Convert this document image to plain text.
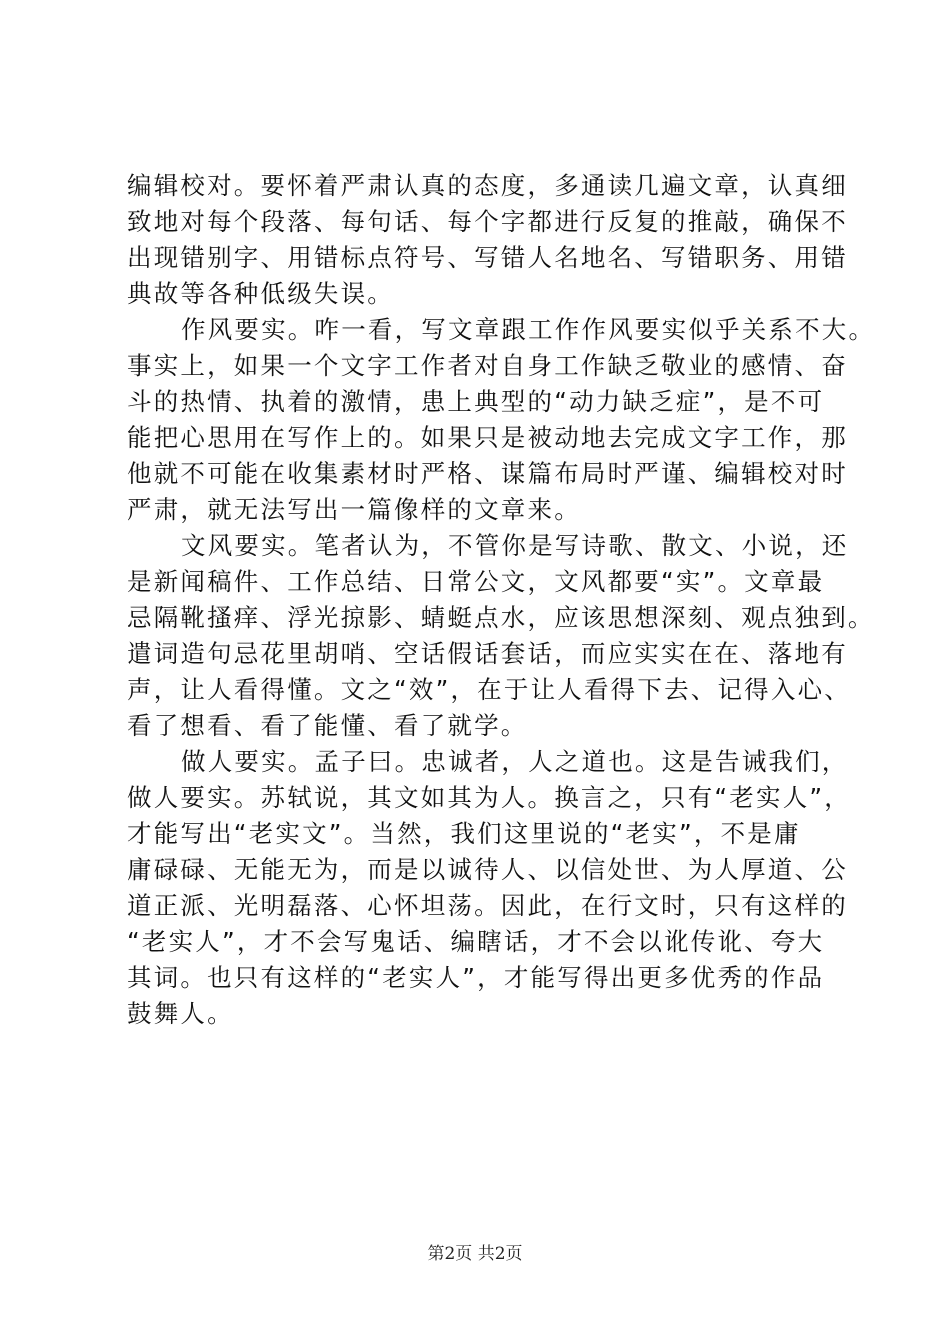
编辑校对。要怀着严肃认真的态度，多通读几遍文章，认真细
致地对每个段落、每句话、每个字都进行反复的推敲，确保不
出现错别字、用错标点符号、写错人名地名、写错职务、用错
典故等各种低级失误。
作风要实。咋一看，写文章跟工作作风要实似乎关系不大。
事实上，如果一个文字工作者对自身工作缺乏敬业的感情、奋
斗的热情、执着的激情，患上典型的“动力缺乏症”，是不可
能把心思用在写作上的。如果只是被动地去完成文字工作，那
他就不可能在收集素材时严格、谋篇布局时严谨、编辑校对时
严肃，就无法写出一篇像样的文章来。
文风要实。笔者认为，不管你是写诗歌、散文、小说，还
是新闻稿件、工作总结、日常公文，文风都要“实”。文章最
忌隔靴搔痒、浮光掠影、蜻蜓点水，应该思想深刻、观点独到。
遣词造句忌花里胡哨、空话假话套话，而应实实在在、落地有
声，让人看得懂。文之“效”，在于让人看得下去、记得入心、
看了想看、看了能懂、看了就学。
做人要实。孟子曰。忠诚者，人之道也。这是告诫我们，
做人要实。苏轼说，其文如其为人。换言之，只有“老实人”，
才能写出“老实文”。当然，我们这里说的“老实”，不是庸
庸碌碌、无能无为，而是以诚待人、以信处世、为人厚道、公
道正派、光明磊落、心怀坦荡。因此，在行文时，只有这样的
“老实人”，才不会写鬼话、编瞎话，才不会以讹传讹、夸大
其词。也只有这样的“老实人”，才能写得出更多优秀的作品
鼓舞人。
第2页 共2页
